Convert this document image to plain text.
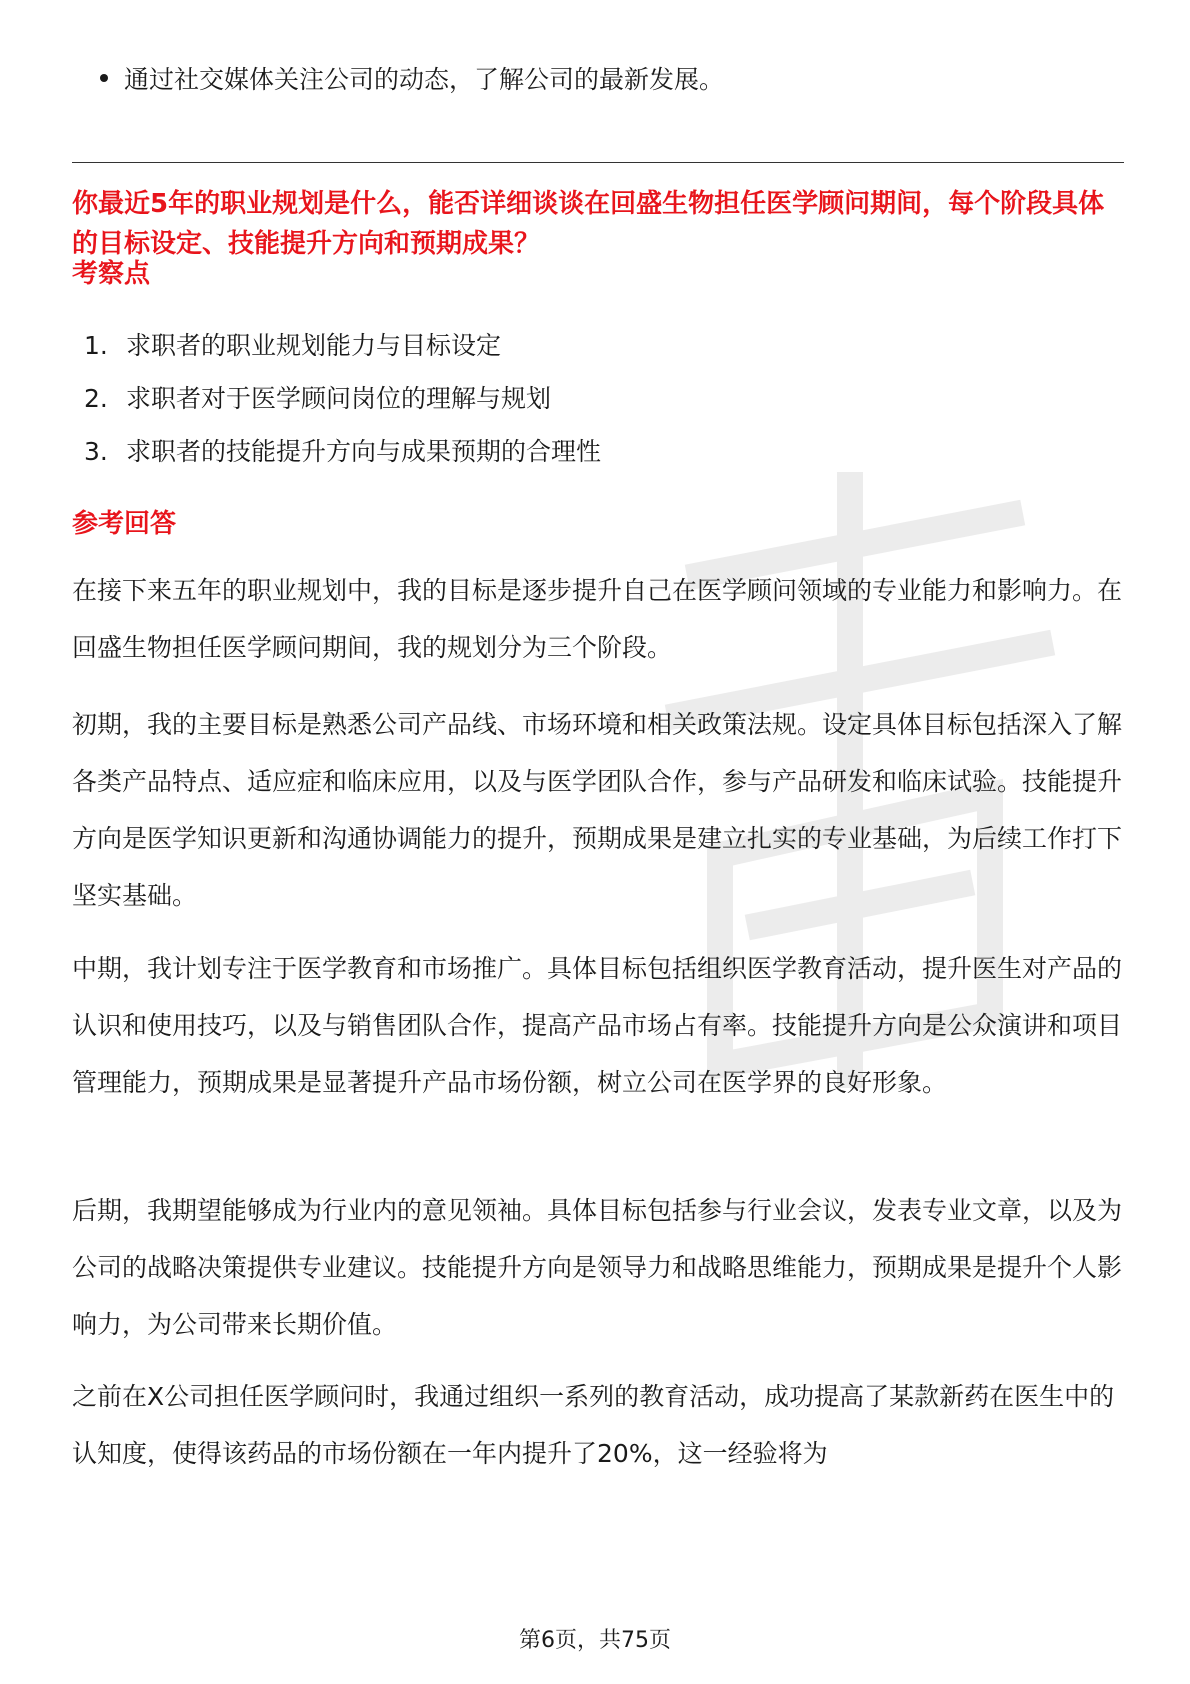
通过社交媒体关注公司的动态，了解公司的最新发展。
你最近5年的职业规划是什么，能否详细谈谈在回盛生物担任医学顾问期间，每个阶段具体的目标设定、技能提升方向和预期成果？
考察点
1. 求职者的职业规划能力与目标设定
2. 求职者对于医学顾问岗位的理解与规划
3. 求职者的技能提升方向与成果预期的合理性
参考回答
在接下来五年的职业规划中，我的目标是逐步提升自己在医学顾问领域的专业能力和影响力。在回盛生物担任医学顾问期间，我的规划分为三个阶段。
初期，我的主要目标是熟悉公司产品线、市场环境和相关政策法规。设定具体目标包括深入了解各类产品特点、适应症和临床应用，以及与医学团队合作，参与产品研发和临床试验。技能提升方向是医学知识更新和沟通协调能力的提升，预期成果是建立扎实的专业基础，为后续工作打下坚实基础。
中期，我计划专注于医学教育和市场推广。具体目标包括组织医学教育活动，提升医生对产品的认识和使用技巧，以及与销售团队合作，提高产品市场占有率。技能提升方向是公众演讲和项目管理能力，预期成果是显著提升产品市场份额，树立公司在医学界的良好形象。
后期，我期望能够成为行业内的意见领袖。具体目标包括参与行业会议，发表专业文章，以及为公司的战略决策提供专业建议。技能提升方向是领导力和战略思维能力，预期成果是提升个人影响力，为公司带来长期价值。
之前在X公司担任医学顾问时，我通过组织一系列的教育活动，成功提高了某款新药在医生中的认知度，使得该药品的市场份额在一年内提升了20%，这一经验将为
第6页，共75页
